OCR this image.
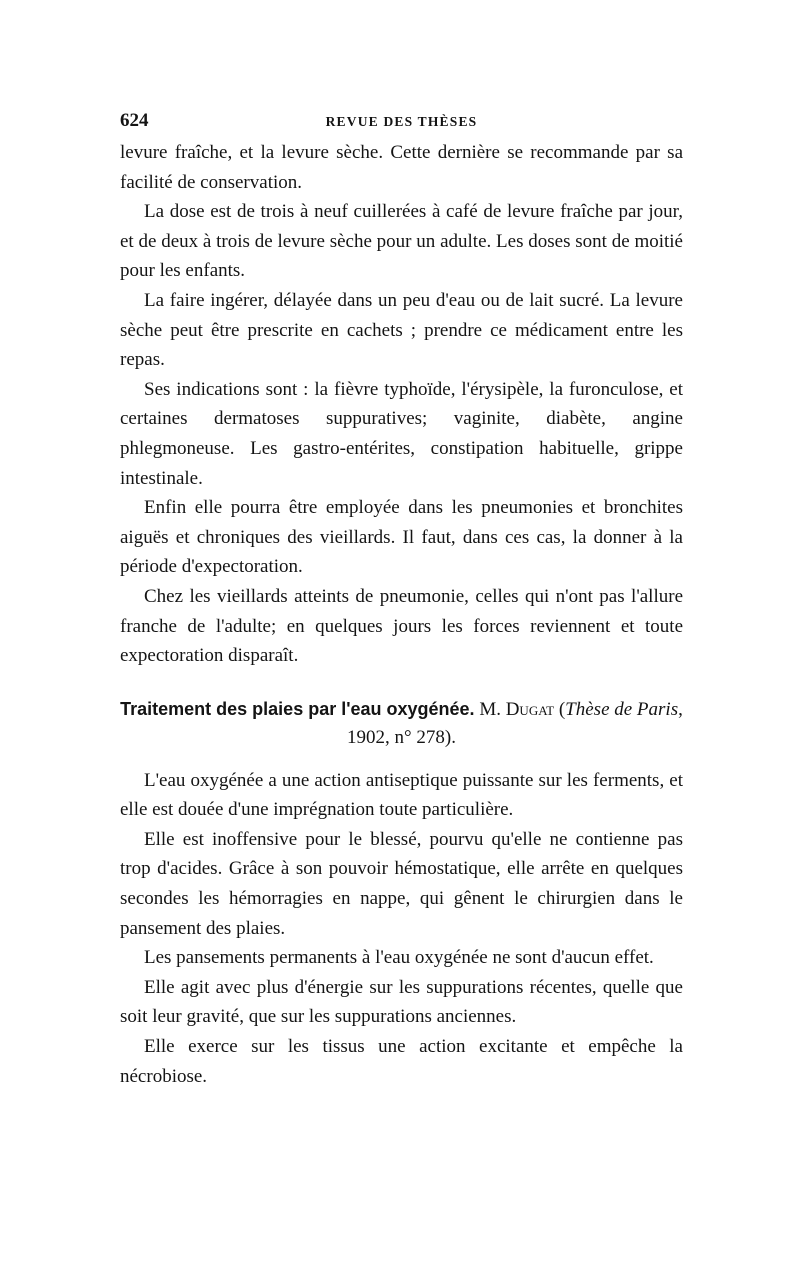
624	REVUE DES THÈSES

levure fraîche, et la levure sèche. Cette dernière se recommande par sa facilité de conservation.

La dose est de trois à neuf cuillerées à café de levure fraîche par jour, et de deux à trois de levure sèche pour un adulte. Les doses sont de moitié pour les enfants.

La faire ingérer, délayée dans un peu d'eau ou de lait sucré. La levure sèche peut être prescrite en cachets ; prendre ce médicament entre les repas.

Ses indications sont : la fièvre typhoïde, l'érysipèle, la furonculose, et certaines dermatoses suppuratives; vaginite, diabète, angine phlegmoneuse. Les gastro-entérites, constipation habituelle, grippe intestinale.

Enfin elle pourra être employée dans les pneumonies et bronchites aiguës et chroniques des vieillards. Il faut, dans ces cas, la donner à la période d'expectoration.

Chez les vieillards atteints de pneumonie, celles qui n'ont pas l'allure franche de l'adulte; en quelques jours les forces reviennent et toute expectoration disparaît.

Traitement des plaies par l'eau oxygénée. M. Dugat (Thèse de Paris, 1902, n° 278).

L'eau oxygénée a une action antiseptique puissante sur les ferments, et elle est douée d'une imprégnation toute particulière.

Elle est inoffensive pour le blessé, pourvu qu'elle ne contienne pas trop d'acides. Grâce à son pouvoir hémostatique, elle arrête en quelques secondes les hémorragies en nappe, qui gênent le chirurgien dans le pansement des plaies.

Les pansements permanents à l'eau oxygénée ne sont d'aucun effet.

Elle agit avec plus d'énergie sur les suppurations récentes, quelle que soit leur gravité, que sur les suppurations anciennes.

Elle exerce sur les tissus une action excitante et empêche la nécrobiose.
